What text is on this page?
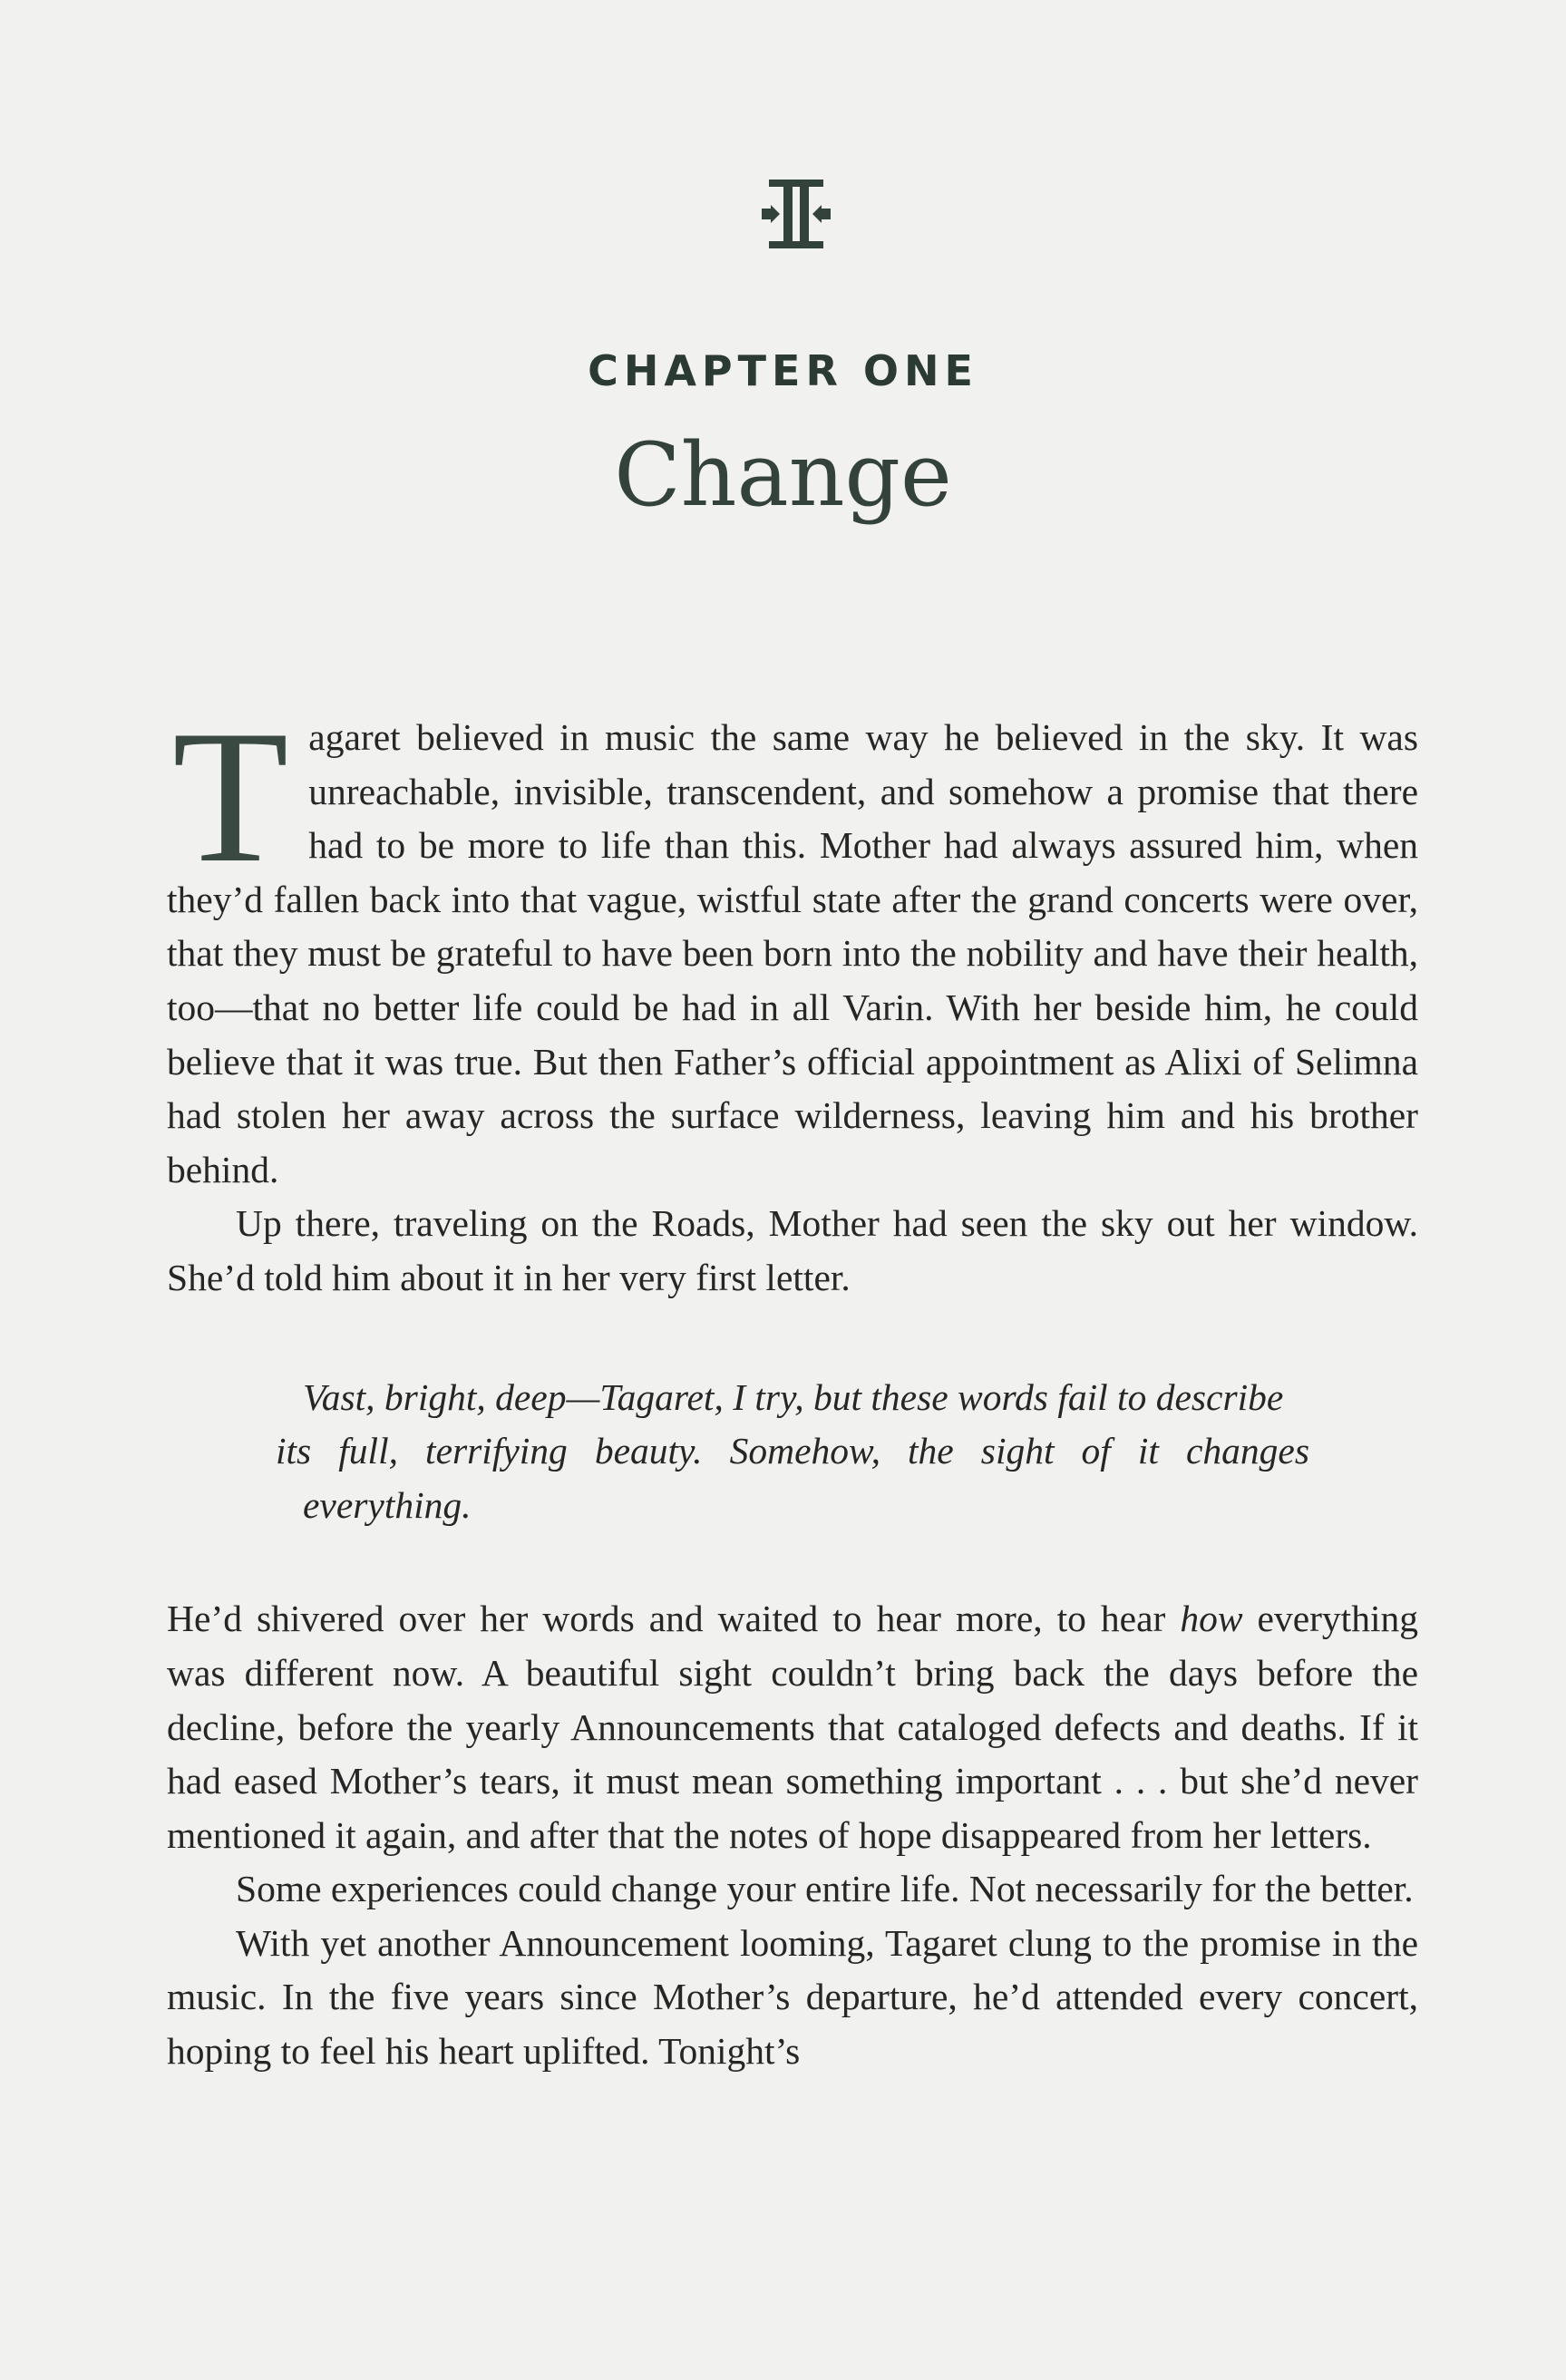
CHAPTER ONE
Change

Tagaret believed in music the same way he believed in the sky. It was unreachable, invisible, transcendent, and somehow a promise that there had to be more to life than this. Mother had always assured him, when they’d fallen back into that vague, wistful state after the grand concerts were over, that they must be grateful to have been born into the nobility and have their health, too—that no better life could be had in all Varin. With her beside him, he could believe that it was true. But then Father’s official appointment as Alixi of Selimna had stolen her away across the surface wilderness, leaving him and his brother behind.

Up there, traveling on the Roads, Mother had seen the sky out her window. She’d told him about it in her very first letter.

Vast, bright, deep—Tagaret, I try, but these words fail to describe
its full, terrifying beauty. Somehow, the sight of it changes everything.

He’d shivered over her words and waited to hear more, to hear how everything was different now. A beautiful sight couldn’t bring back the days before the decline, before the yearly Announcements that cataloged defects and deaths. If it had eased Mother’s tears, it must mean something important . . . but she’d never mentioned it again, and after that the notes of hope disappeared from her letters.

Some experiences could change your entire life. Not necessarily for the better.

With yet another Announcement looming, Tagaret clung to the promise in the music. In the five years since Mother’s departure, he’d attended every concert, hoping to feel his heart uplifted. Tonight’s
